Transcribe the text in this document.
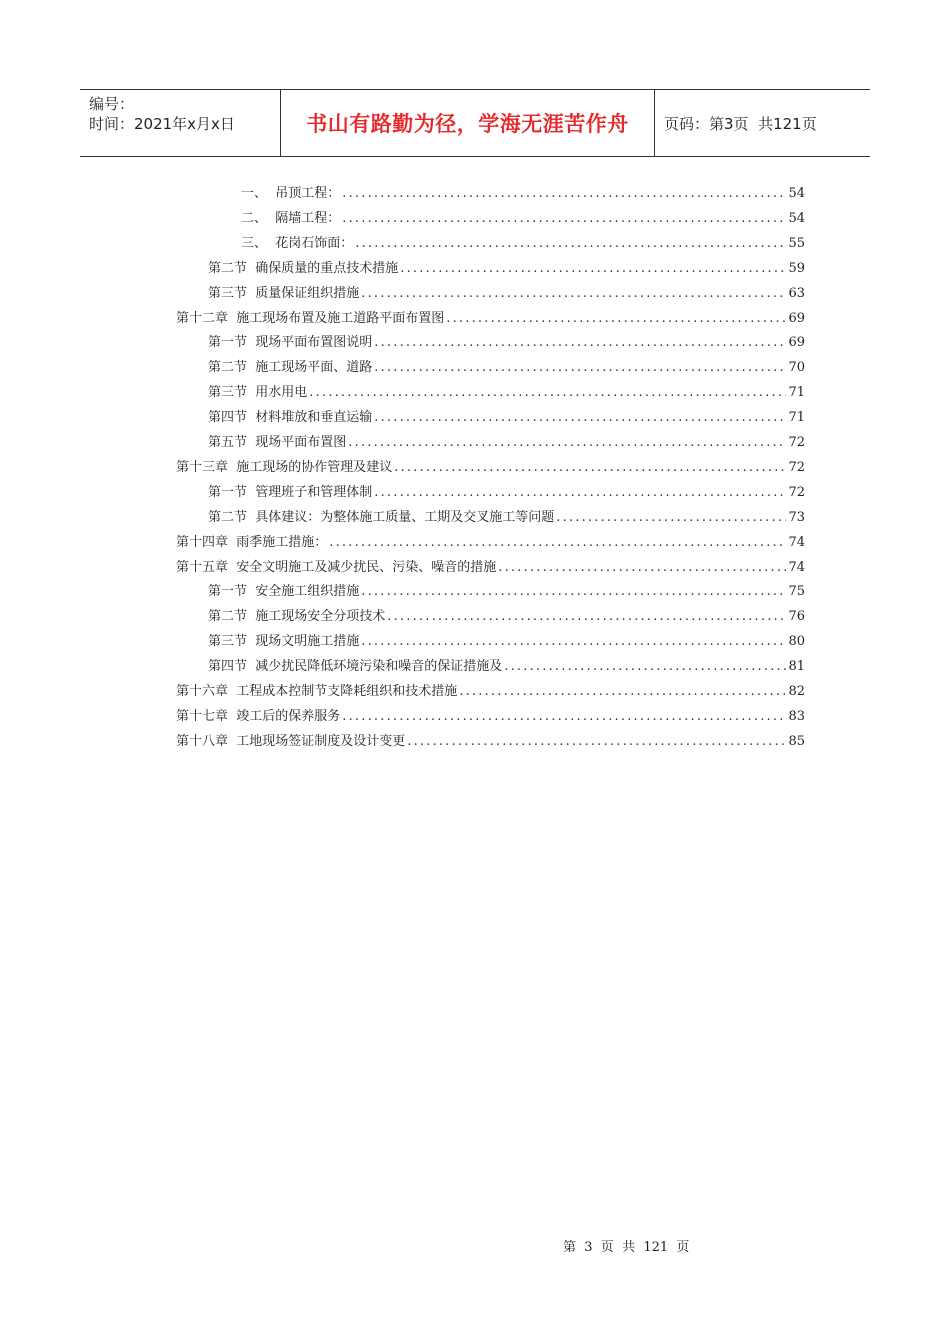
编号：
时间：2021年x月x日	书山有路勤为径，学海无涯苦作舟 页码：第3页  共121页
一、  吊顶工程： .....	54
二、  隔墙工程： .....	54
三、  花岗石饰面： .....	55
第二节  确保质量的重点技术措施 .....	59
第三节  质量保证组织措施 .....	63
第十二章  施工现场布置及施工道路平面布置图 .....	69
第一节  现场平面布置图说明 .....	69
第二节  施工现场平面、道路 .....	70
第三节  用水用电 .....	71
第四节  材料堆放和垂直运输 .....	71
第五节  现场平面布置图 .....	72
第十三章  施工现场的协作管理及建议 .....	72
第一节  管理班子和管理体制 .....	72
第二节  具体建议：为整体施工质量、工期及交叉施工等问题 .....	73
第十四章  雨季施工措施： .....	74
第十五章  安全文明施工及减少扰民、污染、噪音的措施 .....	74
第一节  安全施工组织措施 .....	75
第二节  施工现场安全分项技术 .....	76
第三节  现场文明施工措施 .....	80
第四节  减少扰民降低环境污染和噪音的保证措施及 .....	81
第十六章  工程成本控制节支降耗组织和技术措施 .....	82
第十七章  竣工后的保养服务 .....	83
第十八章  工地现场签证制度及设计变更 .....	85
第  3  页  共  121  页
